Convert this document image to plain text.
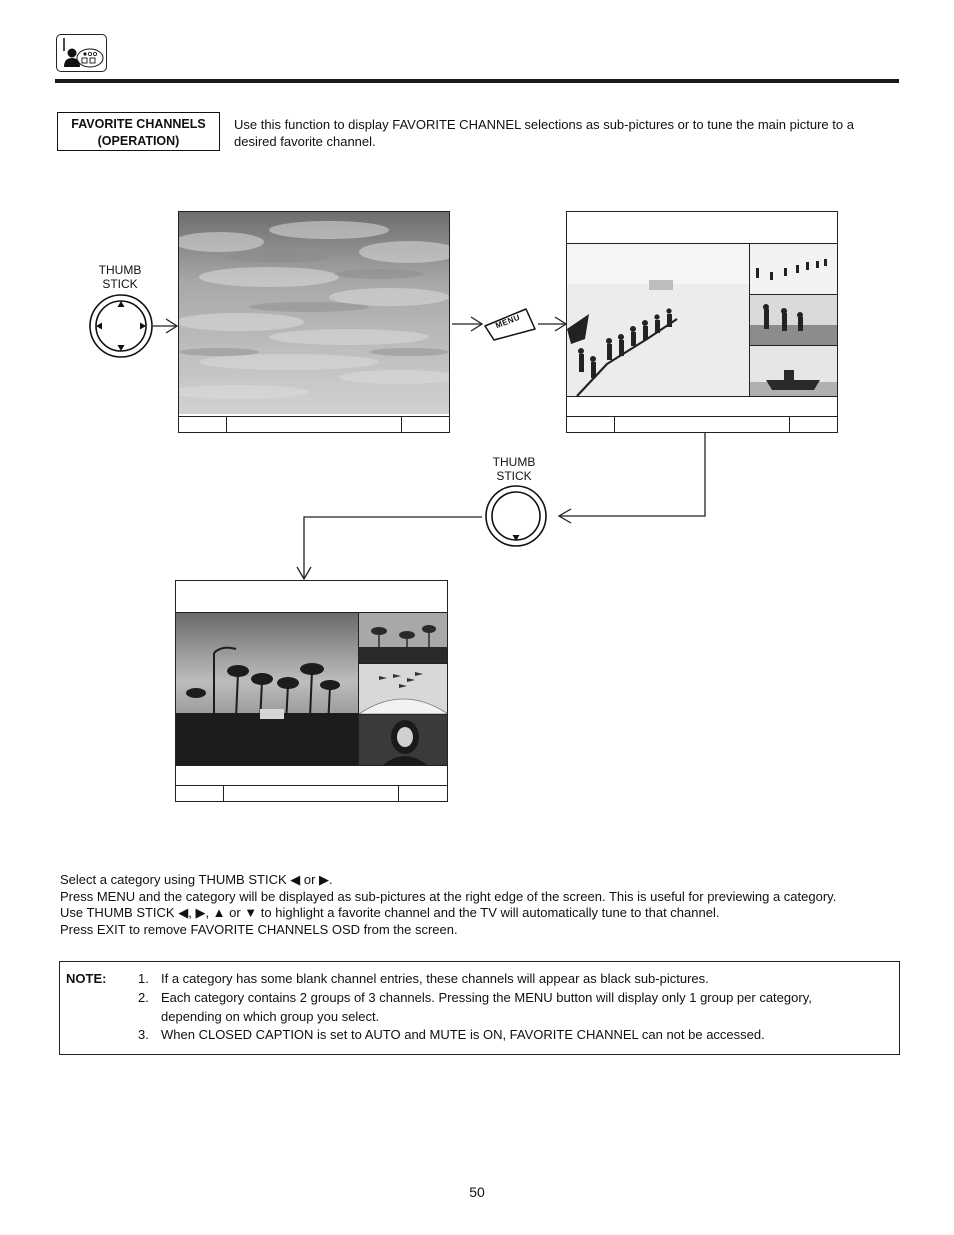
FAVORITE CHANNELS
(OPERATION)
Use this function to display FAVORITE CHANNEL selections as sub-pictures or to tune the main picture to a desired favorite channel.
THUMB
STICK
MENU
THUMB
STICK
Select a category using THUMB STICK ◀ or ▶.
Press MENU and the category will be displayed as sub-pictures at the right edge of the screen. This is useful for previewing a category.
Use THUMB STICK ◀, ▶, ▲ or ▼ to highlight a favorite channel and the TV will automatically tune to that channel.
Press EXIT to remove FAVORITE CHANNELS OSD from the screen.
NOTE: 1. If a category has some blank channel entries, these channels will appear as black sub-pictures.
2. Each category contains 2 groups of 3 channels. Pressing the MENU button will display only 1 group per category, depending on which group you select.
3. When CLOSED CAPTION is set to AUTO and MUTE is ON, FAVORITE CHANNEL can not be accessed.
50
